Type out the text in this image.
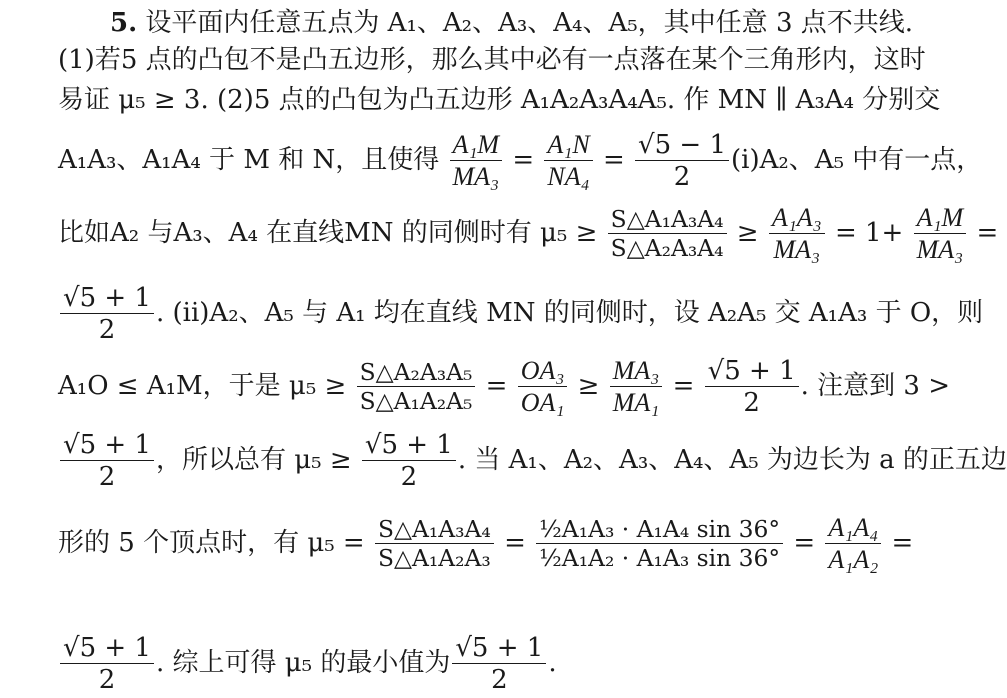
5. 设平面内任意五点为 A₁、A₂、A₃、A₄、A₅，其中任意 3 点不共线.
(1)若5 点的凸包不是凸五边形，那么其中必有一点落在某个三角形内，这时
易证 μ₅ ≥ 3. (2)5 点的凸包为凸五边形 A₁A₂A₃A₄A₅. 作 MN ∥ A₃A₄ 分别交
A₁A₃、A₁A₄ 于 M 和 N，且使得 $\frac{\text{A₁M}}{\text{MA₃}} = \frac{\text{A₁N}}{\text{NA₄}} = \frac{√5 - 1}{2} (i)A_2$、A₅ 中有一点，
比如A₂ 与A₃、A₄ 在直线MN 的同侧时有 $\mu_5 \ge \frac{\text{S△A₁A₃A₄}}{\text{S△A₂A₃A₄}} \ge \frac{\text{A₁A₃}}{\text{MA₃}} = 1+ \frac{\text{A₁M}}{\text{MA₃}}$ =
$\frac{√5 + 1}{2}$ . (ii)A₂、A₅ 与 A₁ 均在直线 MN 的同侧时，设 A₂A₅ 交 A₁A₃ 于 O，则
A₁O ≤ A₁M，于是 $\mu_5 \ge \frac{\text{S△A₂A₃A₅}}{\text{S△A₁A₂A₅}} = \frac{\text{OA₃}}{\text{OA₁}} \ge \frac{\text{MA₃}}{\text{MA₁}} = \frac{√5 + 1}{2}$ . 注意到 3 >
$\frac{√5 + 1}{2}$ ，所以总有 $\mu_5 \ge \frac{√5 + 1}{2}$ . 当 A₁、A₂、A₃、A₄、A₅ 为边长为 a 的正五边
形的 5 个顶点时，有 $\mu_5 = \frac{\text{S△A₁A₃A₄}}{\text{S△A₁A₂A₃}} = \frac{\text{½A₁A₃ · A₁A₄ sin 36°}}{\text{½A₁A₂ · A₁A₃ sin 36°}} = \frac{\text{A₁A₄}}{\text{A₁A₂}}$ =
$\frac{√5 + 1}{2}$ . 综上可得 μ₅ 的最小值为 $\frac{√5 + 1}{2}$ .
